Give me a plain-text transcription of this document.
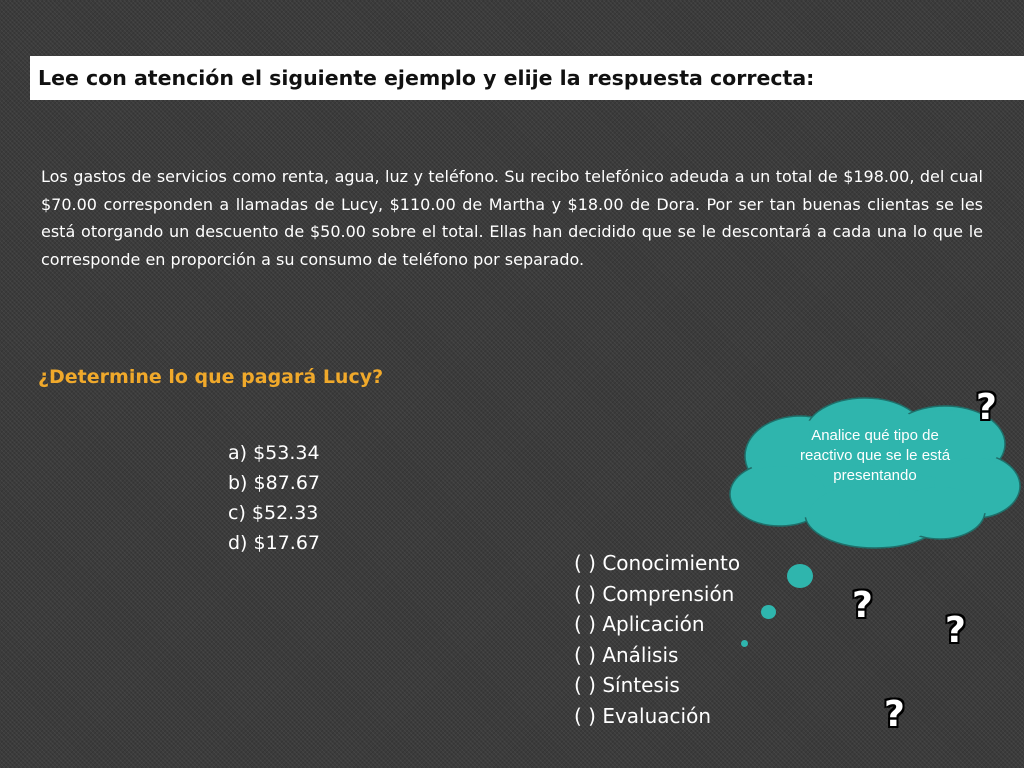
Lee con atención el siguiente ejemplo y elije la respuesta correcta:

Los gastos de servicios como renta, agua, luz y teléfono. Su recibo telefónico adeuda a un total de $198.00, del cual $70.00 corresponden a llamadas de Lucy, $110.00 de Martha y $18.00 de Dora. Por ser tan buenas clientas se les está otorgando un descuento de $50.00 sobre el total. Ellas han decidido que se le descontará a cada una lo que le corresponde en proporción a su consumo de teléfono por separado.

¿Determine lo que pagará Lucy?
a) $53.34
b) $87.67
c) $52.33
d) $17.67
Analice qué tipo de reactivo que se le está presentando
( ) Conocimiento
( ) Comprensión
( ) Aplicación
( ) Análisis
( ) Síntesis
( ) Evaluación
?
?
?
?
